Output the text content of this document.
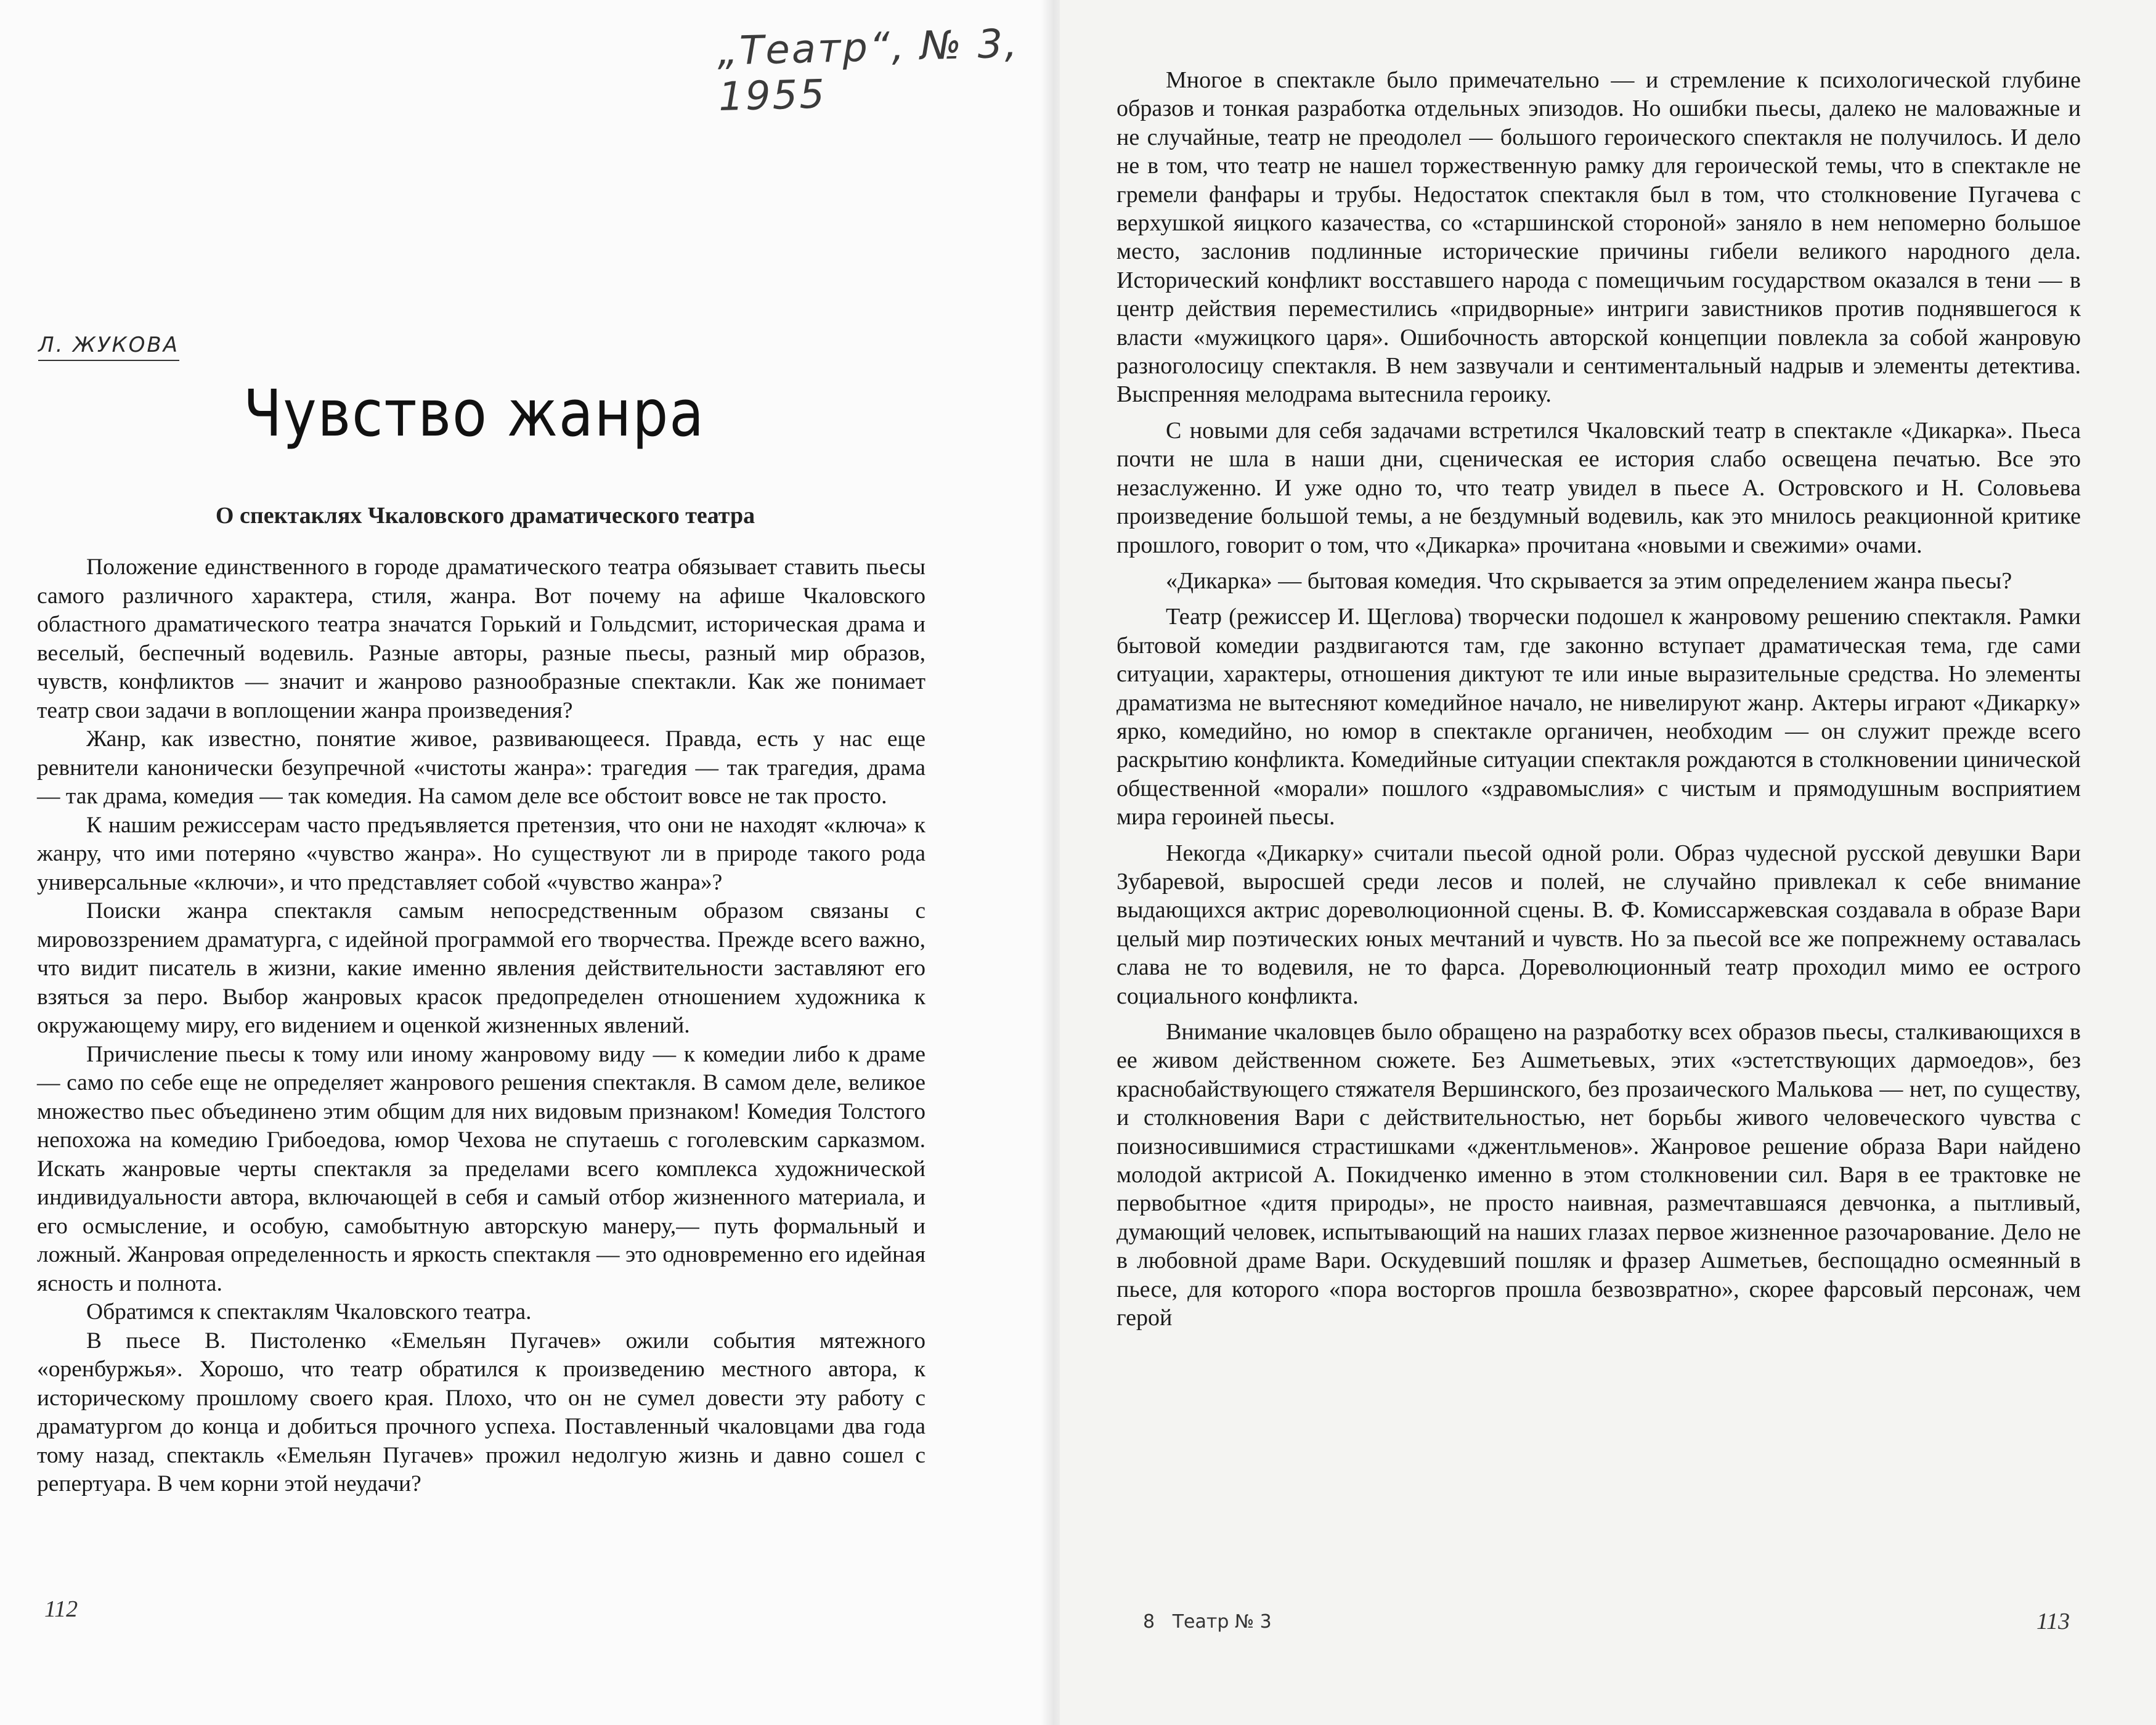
„Театр“, № 3, 1955
Л. ЖУКОВА
Чувство жанра
О спектаклях Чкаловского драматического театра

Положение единственного в городе драматического театра обязывает ставить пьесы самого различного характера, стиля, жанра. Вот почему на афише Чкаловского областного драматического театра значатся Горький и Гольдсмит, историческая драма и веселый, беспечный водевиль. Разные авторы, разные пьесы, разный мир образов, чувств, конфликтов — значит и жанрово разнообразные спектакли. Как же понимает театр свои задачи в воплощении жанра произведения?

Жанр, как известно, понятие живое, развивающееся. Правда, есть у нас еще ревнители канонически безупречной «чистоты жанра»: трагедия — так трагедия, драма — так драма, комедия — так комедия. На самом деле все обстоит вовсе не так просто.

К нашим режиссерам часто предъявляется претензия, что они не находят «ключа» к жанру, что ими потеряно «чувство жанра». Но существуют ли в природе такого рода универсальные «ключи», и что представляет собой «чувство жанра»?

Поиски жанра спектакля самым непосредственным образом связаны с мировоззрением драматурга, с идейной программой его творчества. Прежде всего важно, что видит писатель в жизни, какие именно явления действительности заставляют его взяться за перо. Выбор жанровых красок предопределен отношением художника к окружающему миру, его видением и оценкой жизненных явлений.

Причисление пьесы к тому или иному жанровому виду — к комедии либо к драме — само по себе еще не определяет жанрового решения спектакля. В самом деле, великое множество пьес объединено этим общим для них видовым признаком! Комедия Толстого непохожа на комедию Грибоедова, юмор Чехова не спутаешь с гоголевским сарказмом. Искать жанровые черты спектакля за пределами всего комплекса художнической индивидуальности автора, включающей в себя и самый отбор жизненного материала, и его осмысление, и особую, самобытную авторскую манеру,— путь формальный и ложный. Жанровая определенность и яркость спектакля — это одновременно его идейная ясность и полнота.

Обратимся к спектаклям Чкаловского театра.

В пьесе В. Пистоленко «Емельян Пугачев» ожили события мятежного «оренбуржья». Хорошо, что театр обратился к произведению местного автора, к историческому прошлому своего края. Плохо, что он не сумел довести эту работу с драматургом до конца и добиться прочного успеха. Поставленный чкаловцами два года тому назад, спектакль «Емельян Пугачев» прожил недолгую жизнь и давно сошел с репертуара. В чем корни этой неудачи?

112

Многое в спектакле было примечательно — и стремление к психологической глубине образов и тонкая разработка отдельных эпизодов. Но ошибки пьесы, далеко не маловажные и не случайные, театр не преодолел — большого героического спектакля не получилось. И дело не в том, что театр не нашел торжественную рамку для героической темы, что в спектакле не гремели фанфары и трубы. Недостаток спектакля был в том, что столкновение Пугачева с верхушкой яицкого казачества, со «старшинской стороной» заняло в нем непомерно большое место, заслонив подлинные исторические причины гибели великого народного дела. Исторический конфликт восставшего народа с помещичьим государством оказался в тени — в центр действия переместились «придворные» интриги завистников против поднявшегося к власти «мужицкого царя». Ошибочность авторской концепции повлекла за собой жанровую разноголосицу спектакля. В нем зазвучали и сентиментальный надрыв и элементы детектива. Выспренняя мелодрама вытеснила героику.

С новыми для себя задачами встретился Чкаловский театр в спектакле «Дикарка». Пьеса почти не шла в наши дни, сценическая ее история слабо освещена печатью. Все это незаслуженно. И уже одно то, что театр увидел в пьесе А. Островского и Н. Соловьева произведение большой темы, а не бездумный водевиль, как это мнилось реакционной критике прошлого, говорит о том, что «Дикарка» прочитана «новыми и свежими» очами.

«Дикарка» — бытовая комедия. Что скрывается за этим определением жанра пьесы?

Театр (режиссер И. Щеглова) творчески подошел к жанровому решению спектакля. Рамки бытовой комедии раздвигаются там, где законно вступает драматическая тема, где сами ситуации, характеры, отношения диктуют те или иные выразительные средства. Но элементы драматизма не вытесняют комедийное начало, не нивелируют жанр. Актеры играют «Дикарку» ярко, комедийно, но юмор в спектакле органичен, необходим — он служит прежде всего раскрытию конфликта. Комедийные ситуации спектакля рождаются в столкновении цинической общественной «морали» пошлого «здравомыслия» с чистым и прямодушным восприятием мира героиней пьесы.

Некогда «Дикарку» считали пьесой одной роли. Образ чудесной русской девушки Вари Зубаревой, выросшей среди лесов и полей, не случайно привлекал к себе внимание выдающихся актрис дореволюционной сцены. В. Ф. Комиссаржевская создавала в образе Вари целый мир поэтических юных мечтаний и чувств. Но за пьесой все же попрежнему оставалась слава не то водевиля, не то фарса. Дореволюционный театр проходил мимо ее острого социального конфликта.

Внимание чкаловцев было обращено на разработку всех образов пьесы, сталкивающихся в ее живом действенном сюжете. Без Ашметьевых, этих «эстетствующих дармоедов», без краснобайствующего стяжателя Вершинского, без прозаического Малькова — нет, по существу, и столкновения Вари с действительностью, нет борьбы живого человеческого чувства с поизносившимися страстишками «джентльменов». Жанровое решение образа Вари найдено молодой актрисой А. Покидченко именно в этом столкновении сил. Варя в ее трактовке не первобытное «дитя природы», не просто наивная, размечтавшаяся девчонка, а пытливый, думающий человек, испытывающий на наших глазах первое жизненное разочарование. Дело не в любовной драме Вари. Оскудевший пошляк и фразер Ашметьев, беспощадно осмеянный в пьесе, для которого «пора восторгов прошла безвозвратно», скорее фарсовый персонаж, чем герой

8   Театр № 3	113
